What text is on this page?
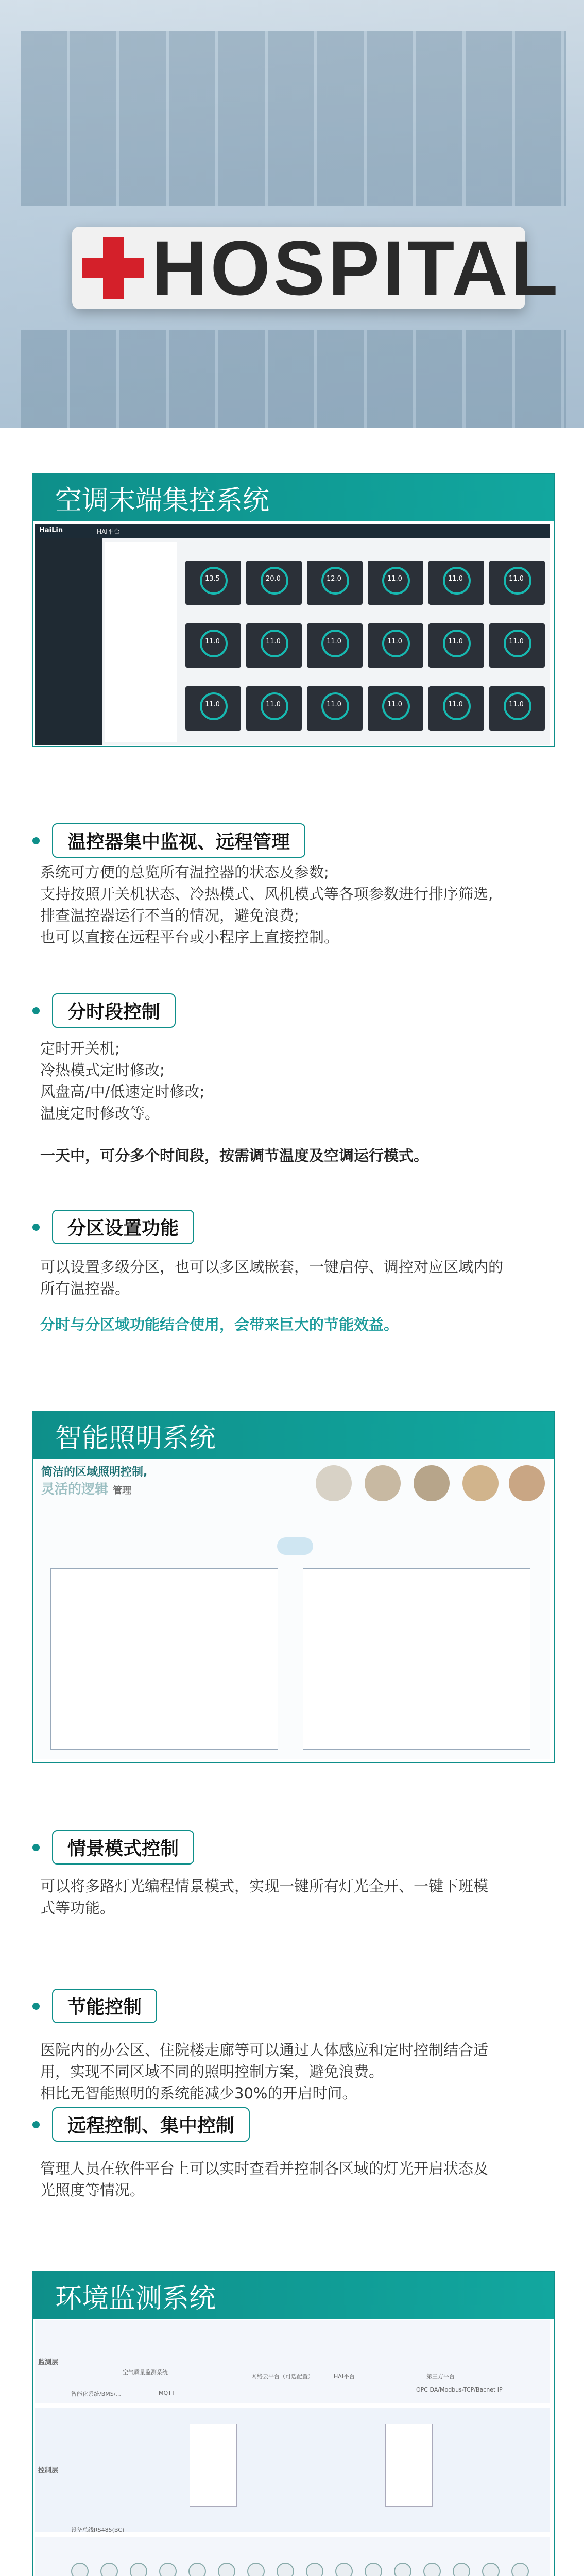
HOSPITAL
空调末端集控系统
HaiLin	HAI平台
13.5	20.0	12.0	11.0	11.0	11.0
11.0	11.0	11.0	11.0	11.0	11.0
11.0	11.0	11.0	11.0	11.0	11.0
温控器集中监视、远程管理
系统可方便的总览所有温控器的状态及参数;
支持按照开关机状态、冷热模式、风机模式等各项参数进行排序筛选,
排查温控器运行不当的情况，避免浪费;
也可以直接在远程平台或小程序上直接控制。
分时段控制
定时开关机;
冷热模式定时修改;
风盘高/中/低速定时修改;
温度定时修改等。
一天中，可分多个时间段，按需调节温度及空调运行模式。
分区设置功能
可以设置多级分区，也可以多区域嵌套，一键启停、调控对应区域内的
所有温控器。
分时与分区域功能结合使用，会带来巨大的节能效益。
智能照明系统
简洁的区域照明控制,
灵活的逻辑 管理
情景模式控制
可以将多路灯光编程情景模式，实现一键所有灯光全开、一键下班模
式等功能。
节能控制
医院内的办公区、住院楼走廊等可以通过人体感应和定时控制结合适
用，实现不同区域不同的照明控制方案，避免浪费。
相比无智能照明的系统能减少30%的开启时间。
远程控制、集中控制
管理人员在软件平台上可以实时查看并控制各区域的灯光开启状态及
光照度等情况。
环境监测系统
监测层
控制层
空气质量监测系统
网络云平台（可选配置）	HAI平台	第三方平台
智能化系统/BMS/...
OPC DA/Modbus-TCP/Bacnet IP
MQTT
设备总线RS485(BC)
